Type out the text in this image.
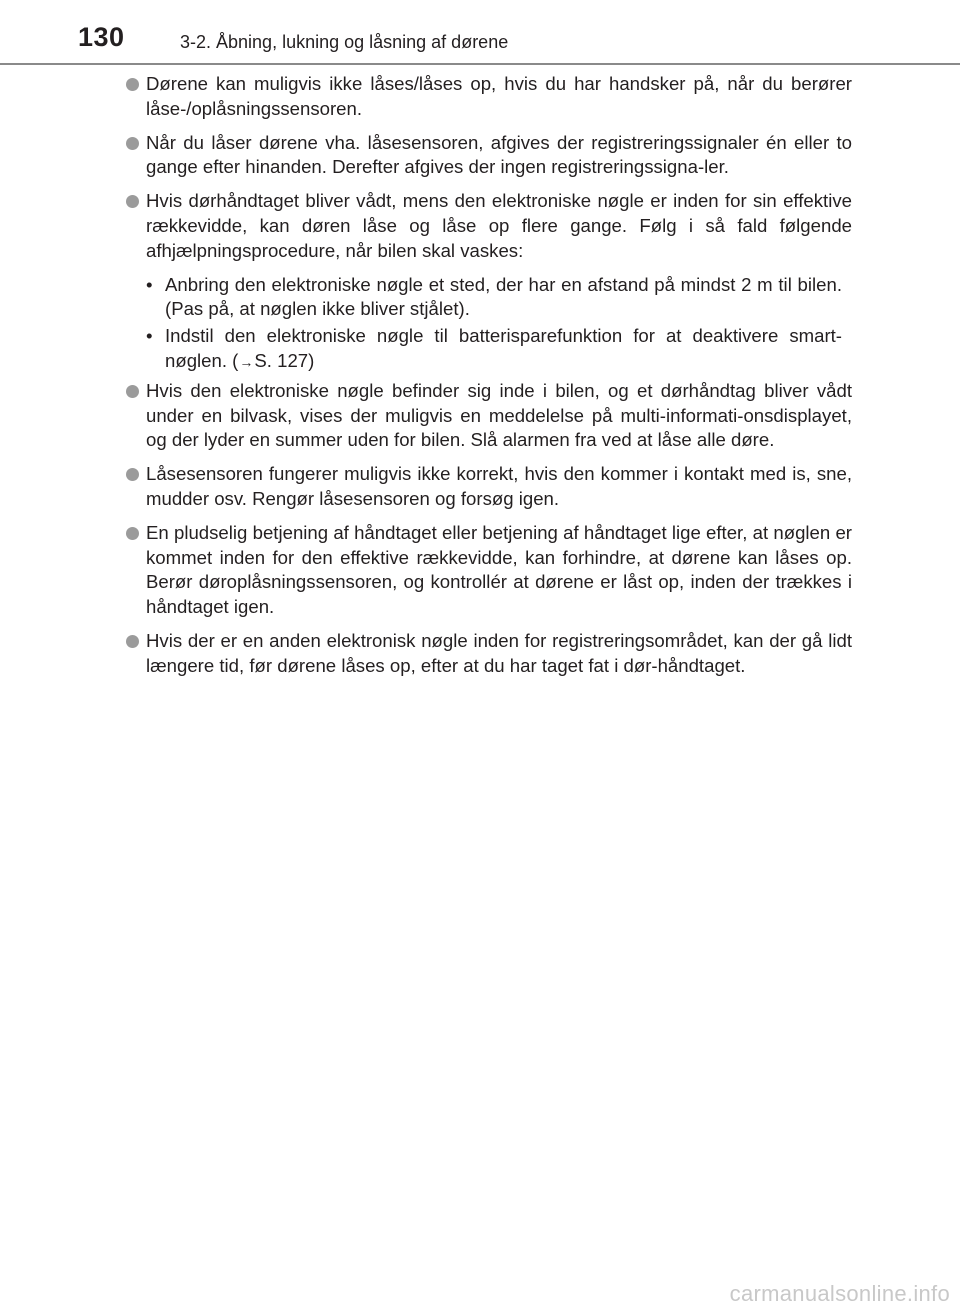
130	3-2. Åbning, lukning og låsning af dørene
Dørene kan muligvis ikke låses/låses op, hvis du har handsker på, når du berører låse-/oplåsningssensoren.
Når du låser dørene vha. låsesensoren, afgives der registreringssignaler én eller to gange efter hinanden. Derefter afgives der ingen registreringssigna-ler.
Hvis dørhåndtaget bliver vådt, mens den elektroniske nøgle er inden for sin effektive rækkevidde, kan døren låse og låse op flere gange. Følg i så fald følgende afhjælpningsprocedure, når bilen skal vaskes:
• Anbring den elektroniske nøgle et sted, der har en afstand på mindst 2 m til bilen. (Pas på, at nøglen ikke bliver stjålet).
• Indstil den elektroniske nøgle til batterisparefunktion for at deaktivere smart-nøglen. (→S. 127)
Hvis den elektroniske nøgle befinder sig inde i bilen, og et dørhåndtag bliver vådt under en bilvask, vises der muligvis en meddelelse på multi-informati-onsdisplayet, og der lyder en summer uden for bilen. Slå alarmen fra ved at låse alle døre.
Låsesensoren fungerer muligvis ikke korrekt, hvis den kommer i kontakt med is, sne, mudder osv. Rengør låsesensoren og forsøg igen.
En pludselig betjening af håndtaget eller betjening af håndtaget lige efter, at nøglen er kommet inden for den effektive rækkevidde, kan forhindre, at dørene kan låses op. Berør døroplåsningssensoren, og kontrollér at dørene er låst op, inden der trækkes i håndtaget igen.
Hvis der er en anden elektronisk nøgle inden for registreringsområdet, kan der gå lidt længere tid, før dørene låses op, efter at du har taget fat i dør-håndtaget.
carmanualsonline.info
